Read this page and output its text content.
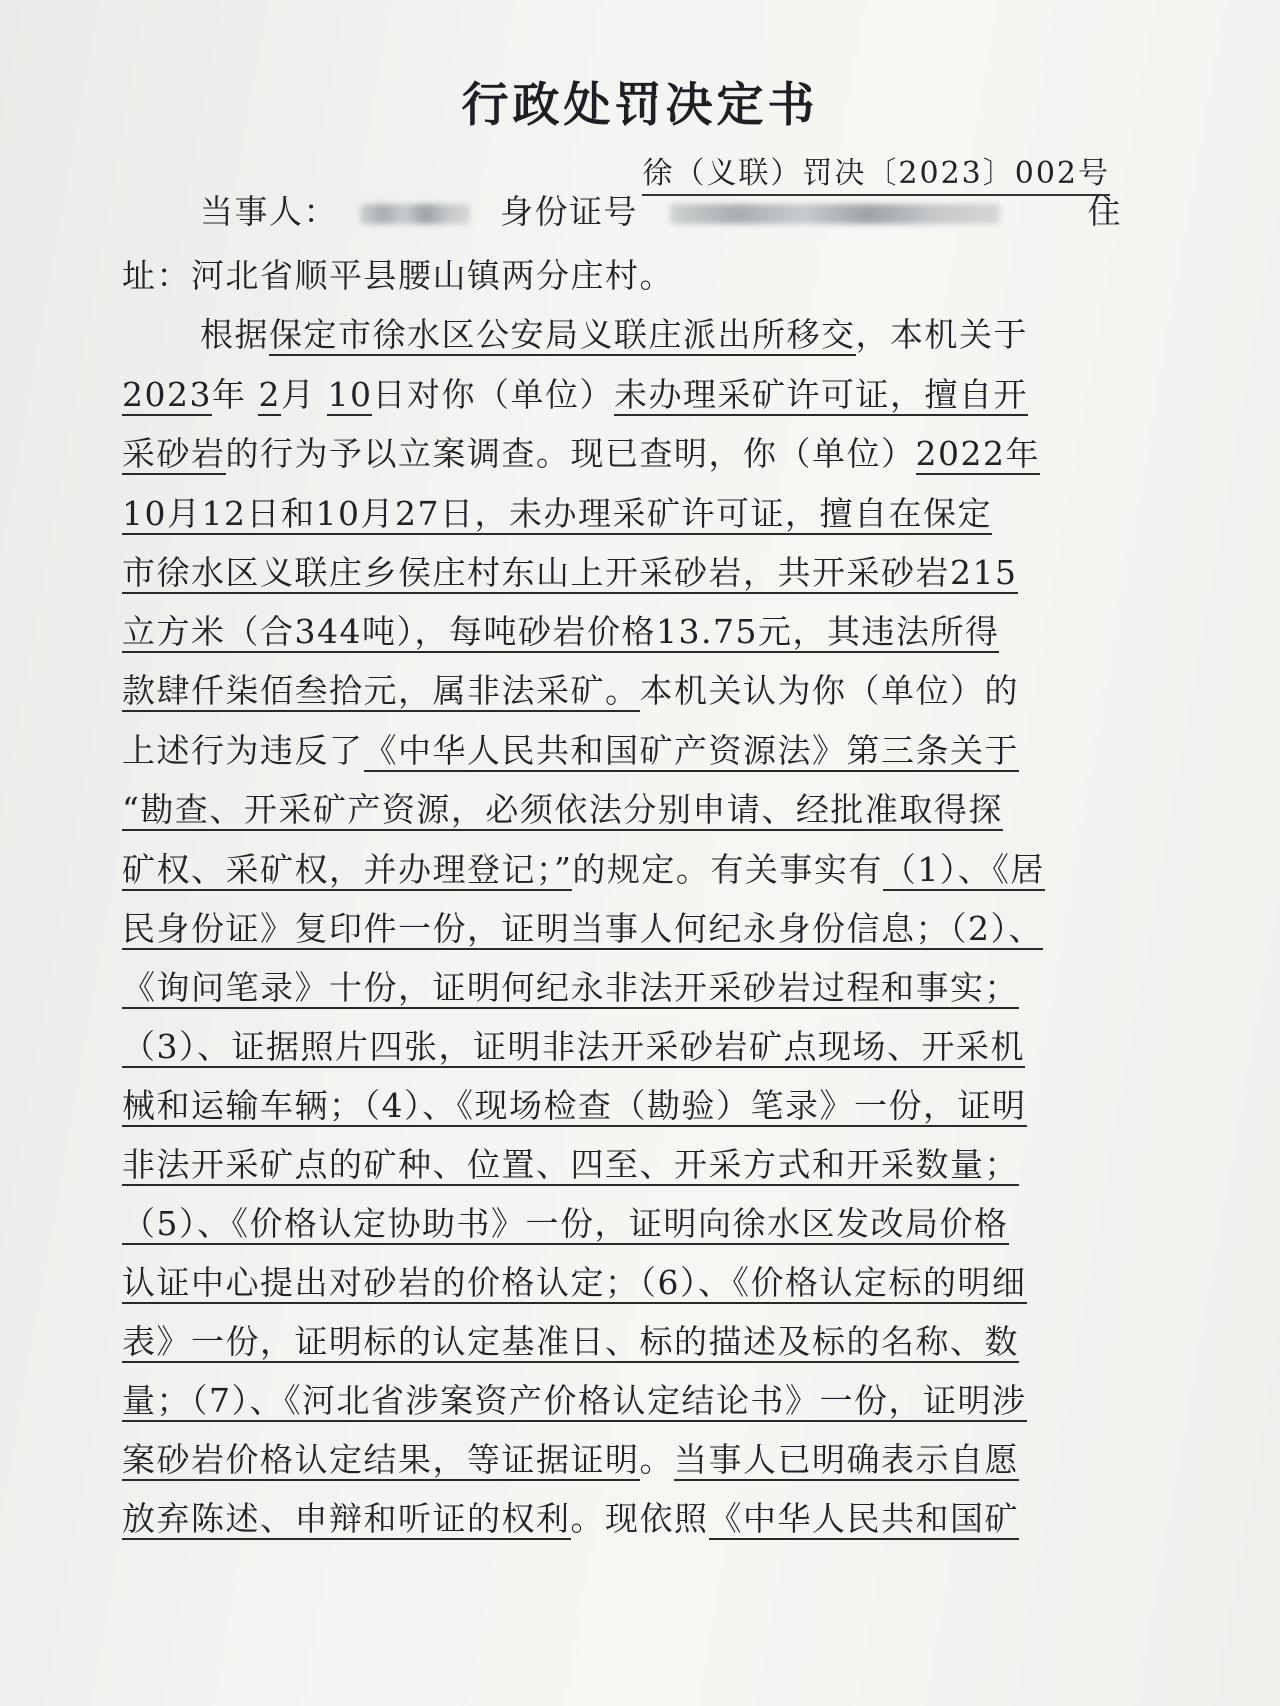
行政处罚决定书
徐（义联）罚决〔2023〕002号
当事人：	身份证号	住
址：河北省顺平县腰山镇两分庄村。
根据保定市徐水区公安局义联庄派出所移交，本机关于
2023年 2月 10日对你（单位）未办理采矿许可证，擅自开
采砂岩的行为予以立案调查。现已查明，你（单位）2022年
10月12日和10月27日，未办理采矿许可证，擅自在保定
市徐水区义联庄乡侯庄村东山上开采砂岩，共开采砂岩215
立方米（合344吨），每吨砂岩价格13.75元，其违法所得
款肆仟柒佰叁拾元，属非法采矿。本机关认为你（单位）的
上述行为违反了《中华人民共和国矿产资源法》第三条关于
“勘查、开采矿产资源，必须依法分别申请、经批准取得探
矿权、采矿权，并办理登记；”的规定。有关事实有（1）、《居
民身份证》复印件一份，证明当事人何纪永身份信息；（2）、
《询问笔录》十份，证明何纪永非法开采砂岩过程和事实；
（3）、证据照片四张，证明非法开采砂岩矿点现场、开采机
械和运输车辆；（4）、《现场检查（勘验）笔录》一份，证明
非法开采矿点的矿种、位置、四至、开采方式和开采数量；
（5）、《价格认定协助书》一份，证明向徐水区发改局价格
认证中心提出对砂岩的价格认定；（6）、《价格认定标的明细
表》一份，证明标的认定基准日、标的描述及标的名称、数
量；（7）、《河北省涉案资产价格认定结论书》一份，证明涉
案砂岩价格认定结果，等证据证明。当事人已明确表示自愿
放弃陈述、申辩和听证的权利。现依照《中华人民共和国矿
